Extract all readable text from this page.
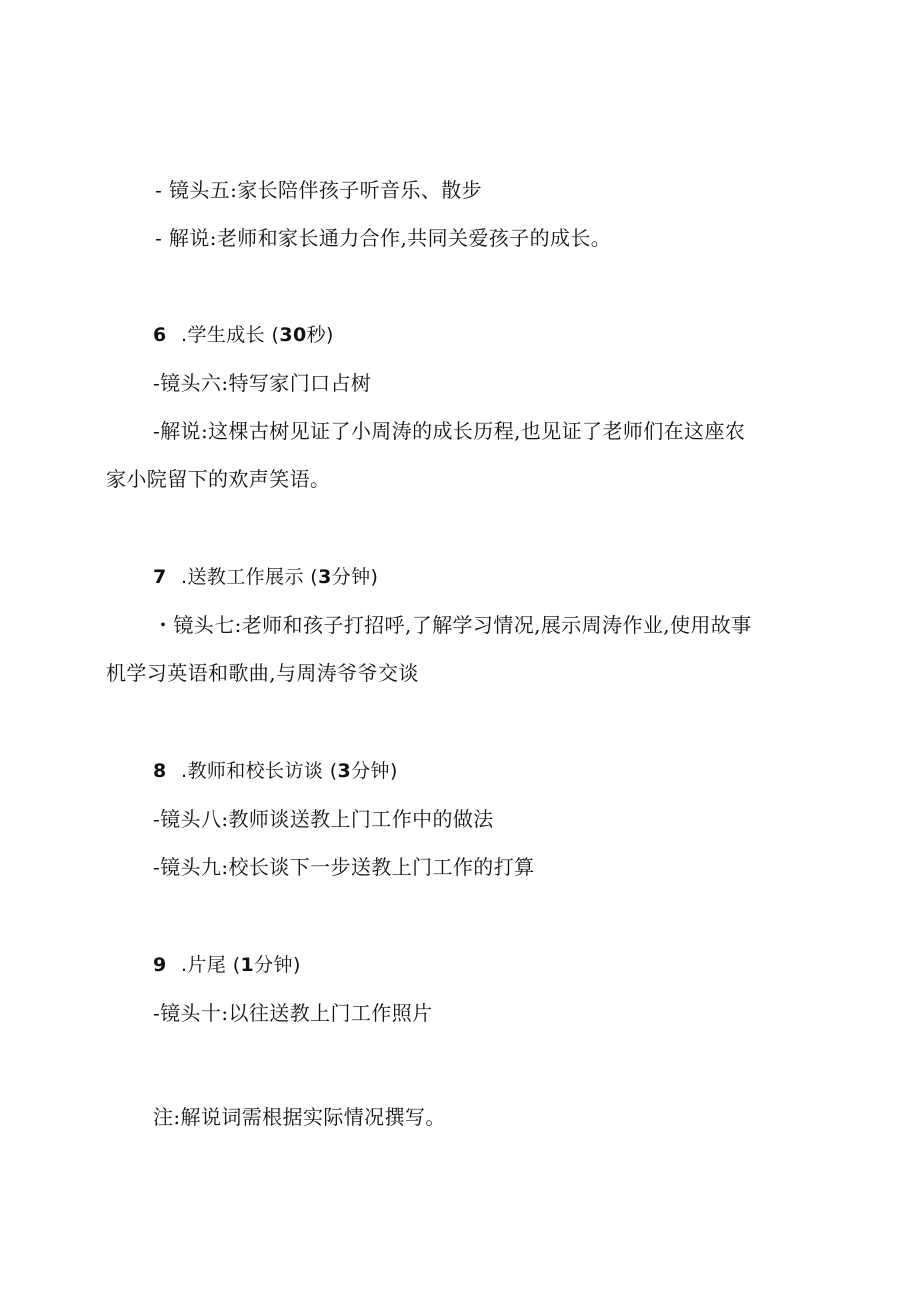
- 镜头五:家长陪伴孩子听音乐、散步
- 解说:老师和家长通力合作,共同关爱孩子的成长。
6 .学生成长 (30秒)
-镜头六:特写家门口占树
-解说:这棵古树见证了小周涛的成长历程,也见证了老师们在这座农
家小院留下的欢声笑语。
7 .送教工作展示 (3分钟)
・镜头七:老师和孩子打招呼,了解学习情况,展示周涛作业,使用故事
机学习英语和歌曲,与周涛爷爷交谈
8 .教师和校长访谈 (3分钟)
-镜头八:教师谈送教上门工作中的做法
-镜头九:校长谈下一步送教上门工作的打算
9 .片尾 (1分钟)
-镜头十:以往送教上门工作照片
注:解说词需根据实际情况撰写。
